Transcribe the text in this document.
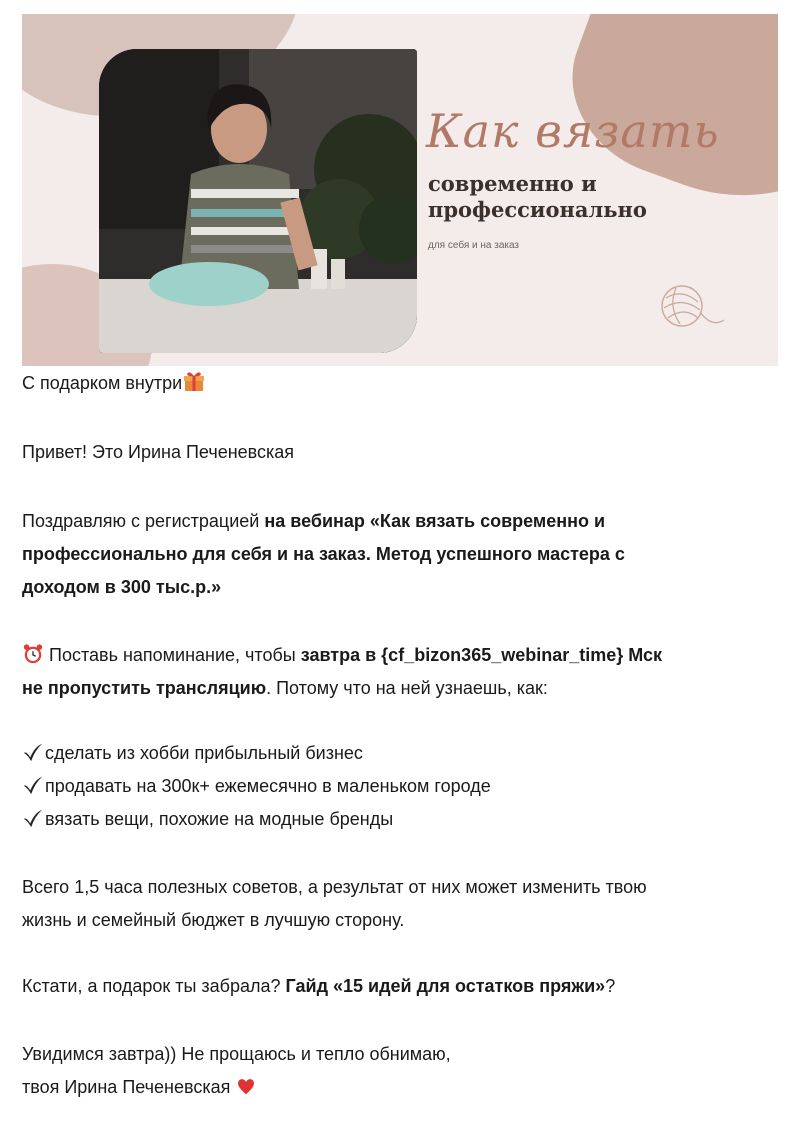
Как вязать
современно и
профессионально
для себя и на заказ
С подарком внутри
Привет! Это Ирина Печеневская
Поздравляю с регистрацией на вебинар «Как вязать современно и
профессионально для себя и на заказ. Метод успешного мастера с
доходом в 300 тыс.р.»
Поставь напоминание, чтобы завтра в {cf_bizon365_webinar_time} Мск
не пропустить трансляцию. Потому что на ней узнаешь, как:
сделать из хобби прибыльный бизнес
продавать на 300к+ ежемесячно в маленьком городе
вязать вещи, похожие на модные бренды
Всего 1,5 часа полезных советов, а результат от них может изменить твою
жизнь и семейный бюджет в лучшую сторону.
Кстати, а подарок ты забрала? Гайд «15 идей для остатков пряжи»?
Увидимся завтра)) Не прощаюсь и тепло обнимаю,
твоя Ирина Печеневская
